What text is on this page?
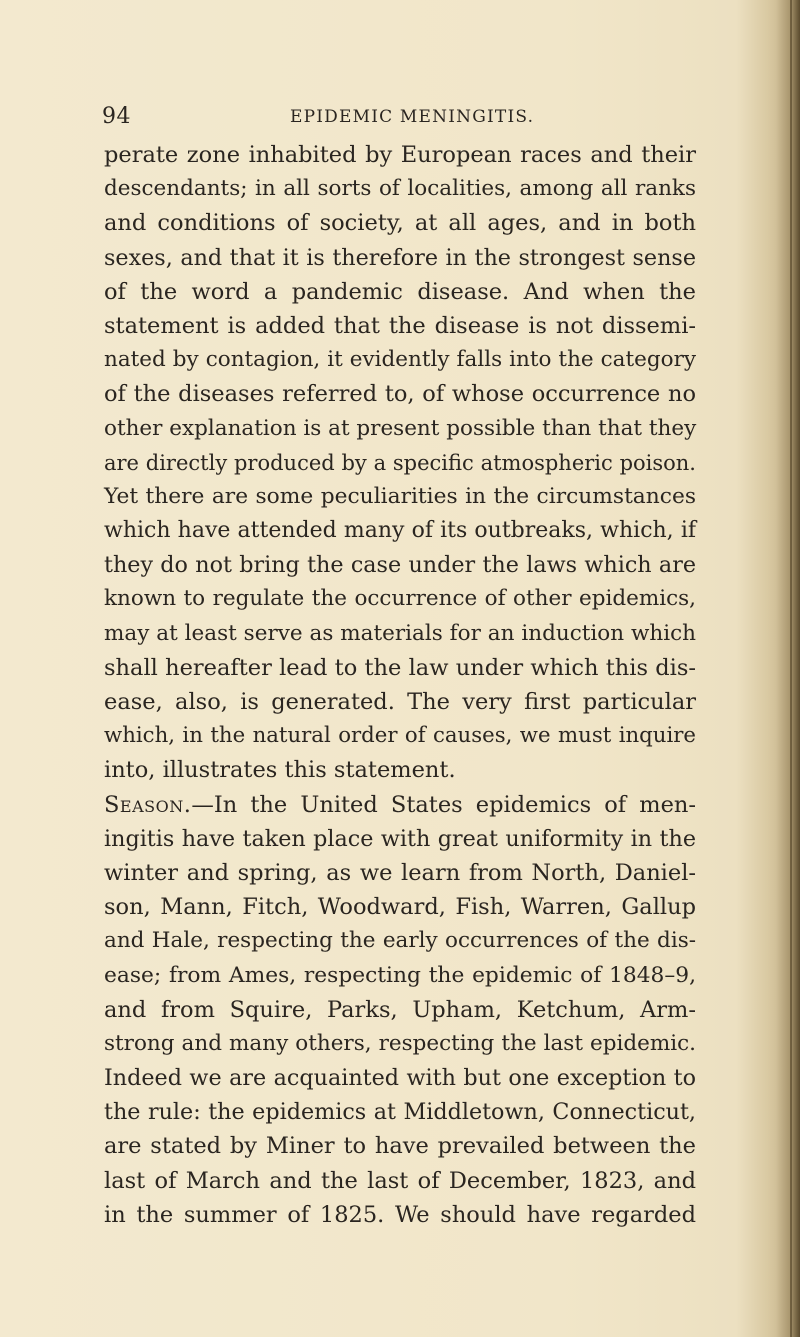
94	EPIDEMIC MENINGITIS.
perate zone inhabited by European races and their
descendants; in all sorts of localities, among all ranks
and conditions of society, at all ages, and in both
sexes, and that it is therefore in the strongest sense
of the word a pandemic disease. And when the
statement is added that the disease is not dissemi-
nated by contagion, it evidently falls into the category
of the diseases referred to, of whose occurrence no
other explanation is at present possible than that they
are directly produced by a specific atmospheric poison.
Yet there are some peculiarities in the circumstances
which have attended many of its outbreaks, which, if
they do not bring the case under the laws which are
known to regulate the occurrence of other epidemics,
may at least serve as materials for an induction which
shall hereafter lead to the law under which this dis-
ease, also, is generated. The very first particular
which, in the natural order of causes, we must inquire
into, illustrates this statement.
Season.—In the United States epidemics of men-
ingitis have taken place with great uniformity in the
winter and spring, as we learn from North, Daniel-
son, Mann, Fitch, Woodward, Fish, Warren, Gallup
and Hale, respecting the early occurrences of the dis-
ease; from Ames, respecting the epidemic of 1848–9,
and from Squire, Parks, Upham, Ketchum, Arm-
strong and many others, respecting the last epidemic.
Indeed we are acquainted with but one exception to
the rule: the epidemics at Middletown, Connecticut,
are stated by Miner to have prevailed between the
last of March and the last of December, 1823, and
in the summer of 1825. We should have regarded
